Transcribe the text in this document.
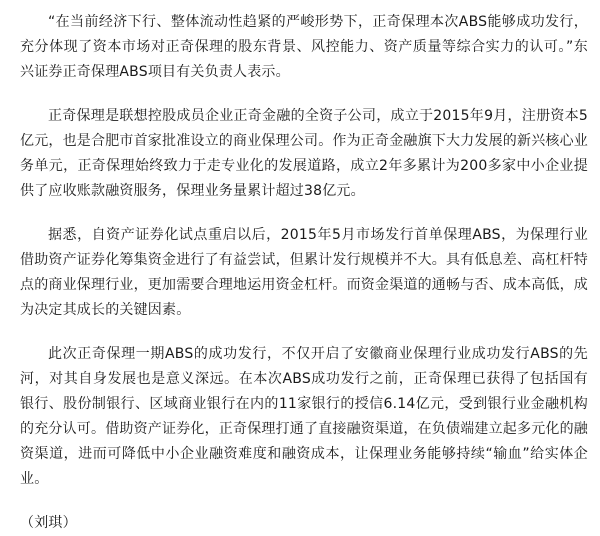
“在当前经济下行、整体流动性趋紧的严峻形势下，正奇保理本次ABS能够成功发行，充分体现了资本市场对正奇保理的股东背景、风控能力、资产质量等综合实力的认可。”东兴证券正奇保理ABS项目有关负责人表示。

正奇保理是联想控股成员企业正奇金融的全资子公司，成立于2015年9月，注册资本5亿元，也是合肥市首家批准设立的商业保理公司。作为正奇金融旗下大力发展的新兴核心业务单元，正奇保理始终致力于走专业化的发展道路，成立2年多累计为200多家中小企业提供了应收账款融资服务，保理业务量累计超过38亿元。

据悉，自资产证券化试点重启以后，2015年5月市场发行首单保理ABS，为保理行业借助资产证券化筹集资金进行了有益尝试，但累计发行规模并不大。具有低息差、高杠杆特点的商业保理行业，更加需要合理地运用资金杠杆。而资金渠道的通畅与否、成本高低，成为决定其成长的关键因素。

此次正奇保理一期ABS的成功发行，不仅开启了安徽商业保理行业成功发行ABS的先河，对其自身发展也是意义深远。在本次ABS成功发行之前，正奇保理已获得了包括国有银行、股份制银行、区域商业银行在内的11家银行的授信6.14亿元，受到银行业金融机构的充分认可。借助资产证券化，正奇保理打通了直接融资渠道，在负债端建立起多元化的融资渠道，进而可降低中小企业融资难度和融资成本，让保理业务能够持续“输血”给实体企业。

（刘琪）
